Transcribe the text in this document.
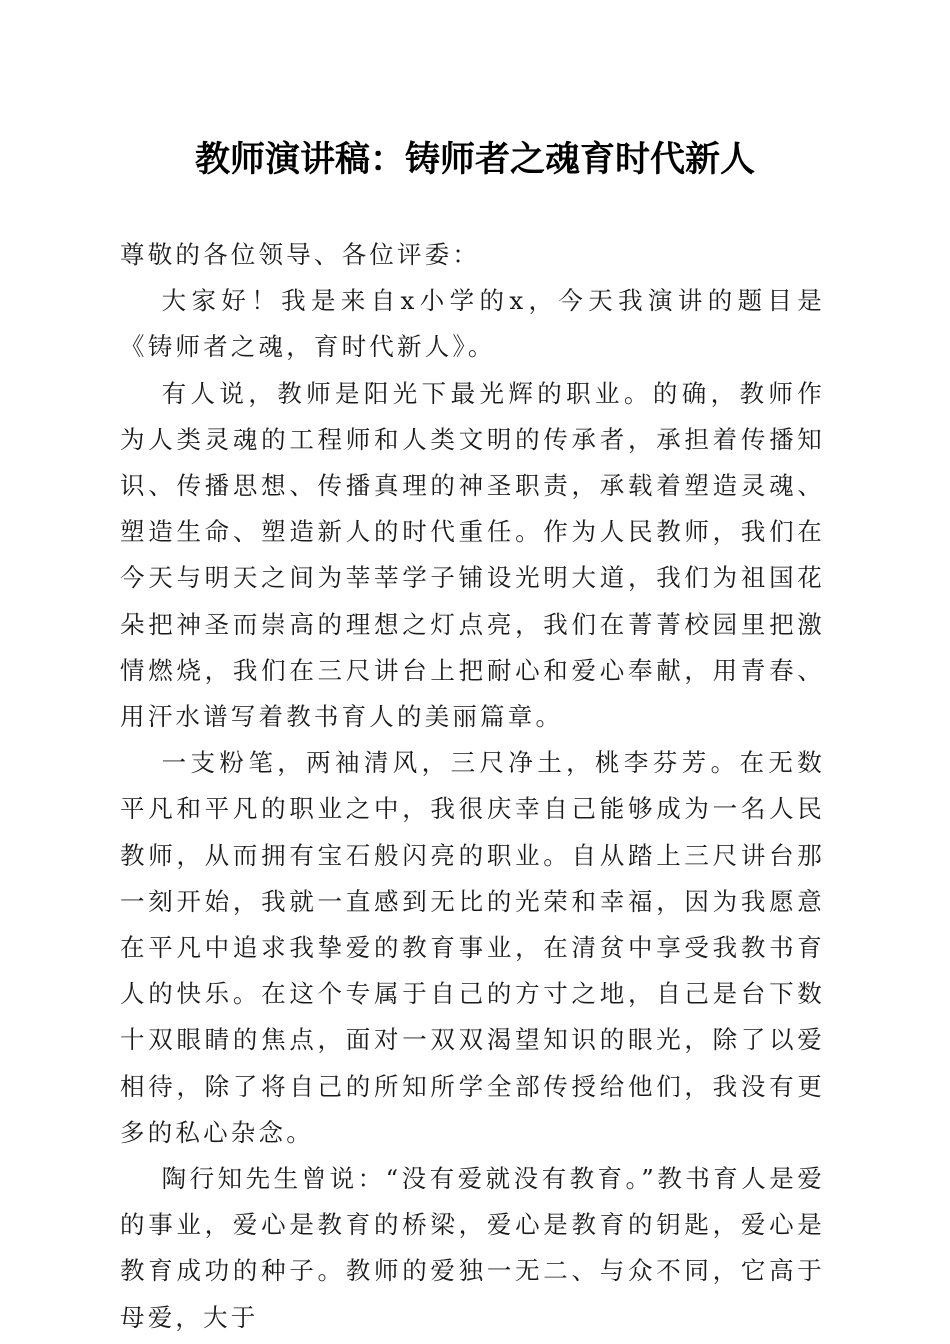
教师演讲稿：铸师者之魂育时代新人

尊敬的各位领导、各位评委：

大家好！我是来自x小学的x，今天我演讲的题目是《铸师者之魂，育时代新人》。

有人说，教师是阳光下最光辉的职业。的确，教师作为人类灵魂的工程师和人类文明的传承者，承担着传播知识、传播思想、传播真理的神圣职责，承载着塑造灵魂、塑造生命、塑造新人的时代重任。作为人民教师，我们在今天与明天之间为莘莘学子铺设光明大道，我们为祖国花朵把神圣而崇高的理想之灯点亮，我们在菁菁校园里把激情燃烧，我们在三尺讲台上把耐心和爱心奉献，用青春、用汗水谱写着教书育人的美丽篇章。

一支粉笔，两袖清风，三尺净土，桃李芬芳。在无数平凡和平凡的职业之中，我很庆幸自己能够成为一名人民教师，从而拥有宝石般闪亮的职业。自从踏上三尺讲台那一刻开始，我就一直感到无比的光荣和幸福，因为我愿意在平凡中追求我挚爱的教育事业，在清贫中享受我教书育人的快乐。在这个专属于自己的方寸之地，自己是台下数十双眼睛的焦点，面对一双双渴望知识的眼光，除了以爱相待，除了将自己的所知所学全部传授给他们，我没有更多的私心杂念。

陶行知先生曾说：“没有爱就没有教育。”教书育人是爱的事业，爱心是教育的桥梁，爱心是教育的钥匙，爱心是教育成功的种子。教师的爱独一无二、与众不同，它高于母爱，大于
